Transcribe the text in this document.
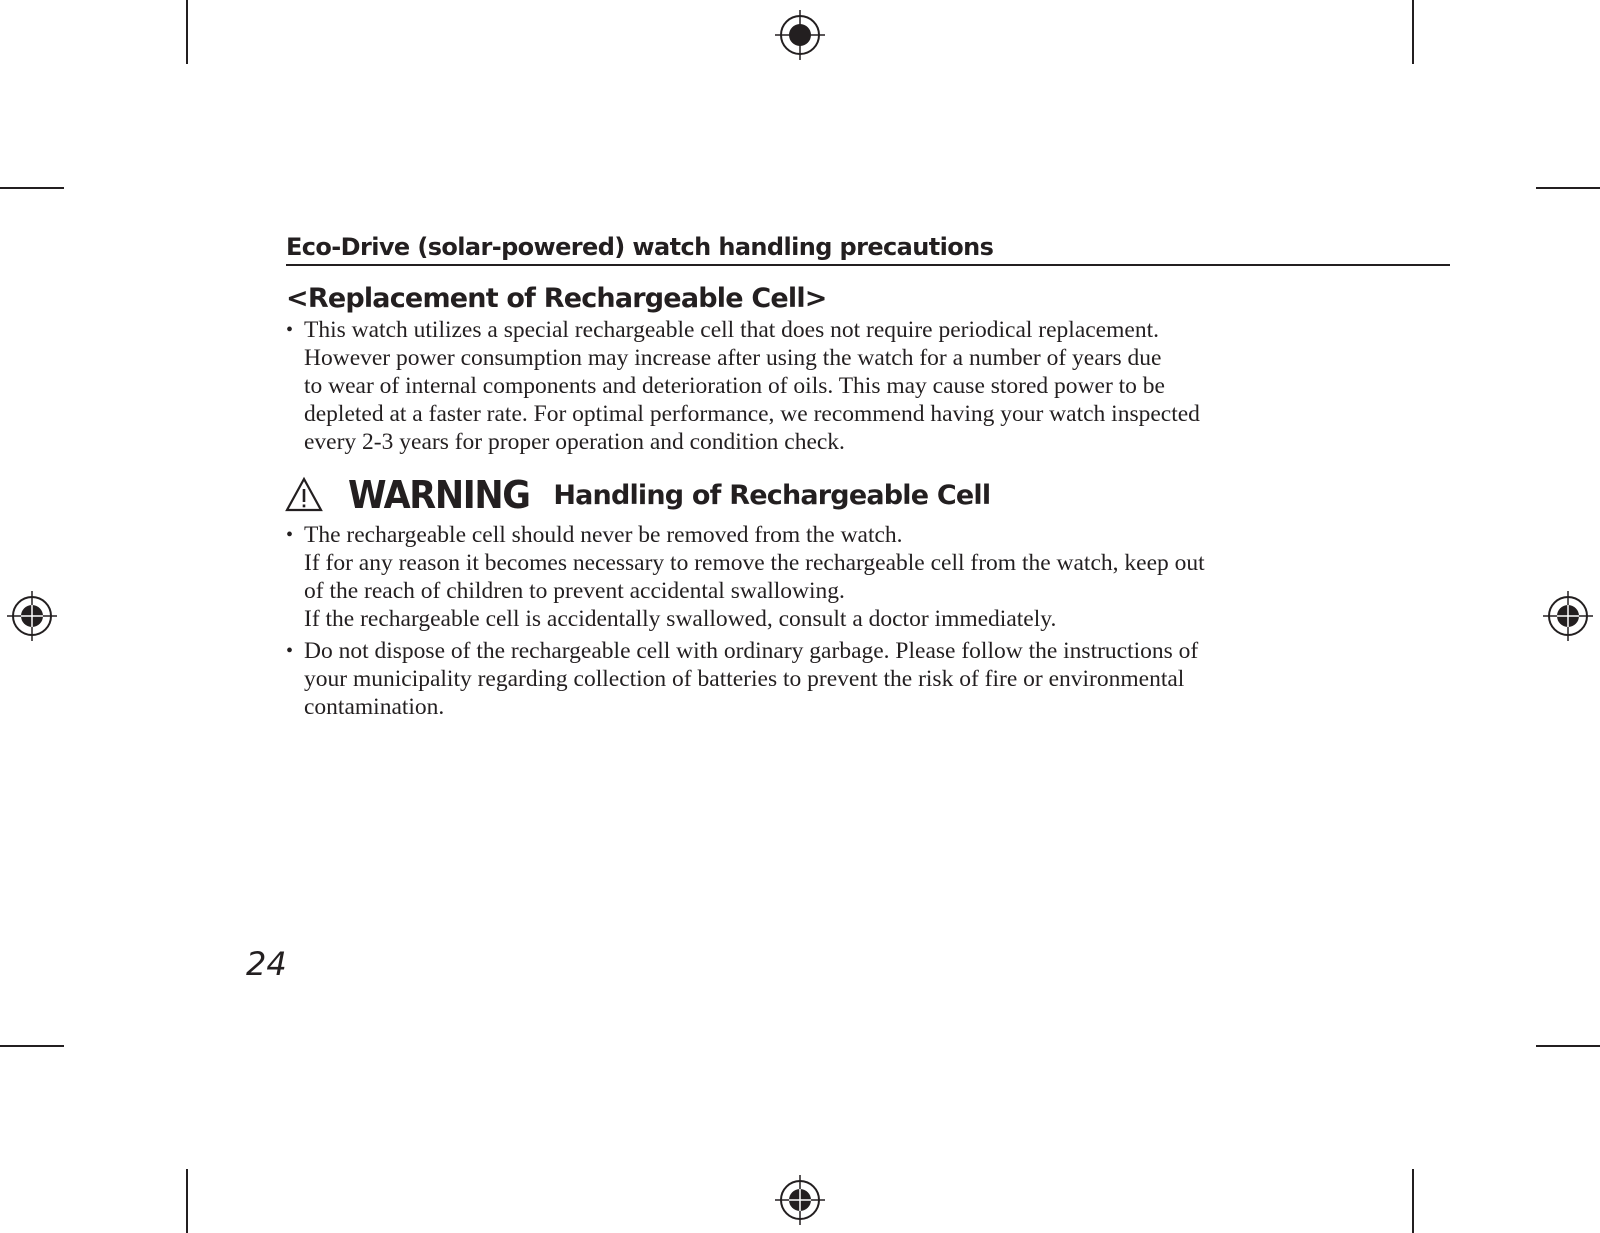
Eco-Drive (solar-powered) watch handling precautions
<Replacement of Rechargeable Cell>
• This watch utilizes a special rechargeable cell that does not require periodical replacement.
However power consumption may increase after using the watch for a number of years due
to wear of internal components and deterioration of oils. This may cause stored power to be
depleted at a faster rate. For optimal performance, we recommend having your watch inspected
every 2-3 years for proper operation and condition check.
WARNING Handling of Rechargeable Cell
• The rechargeable cell should never be removed from the watch.
If for any reason it becomes necessary to remove the rechargeable cell from the watch, keep out
of the reach of children to prevent accidental swallowing.
If the rechargeable cell is accidentally swallowed, consult a doctor immediately.
• Do not dispose of the rechargeable cell with ordinary garbage. Please follow the instructions of
your municipality regarding collection of batteries to prevent the risk of fire or environmental
contamination.
24
